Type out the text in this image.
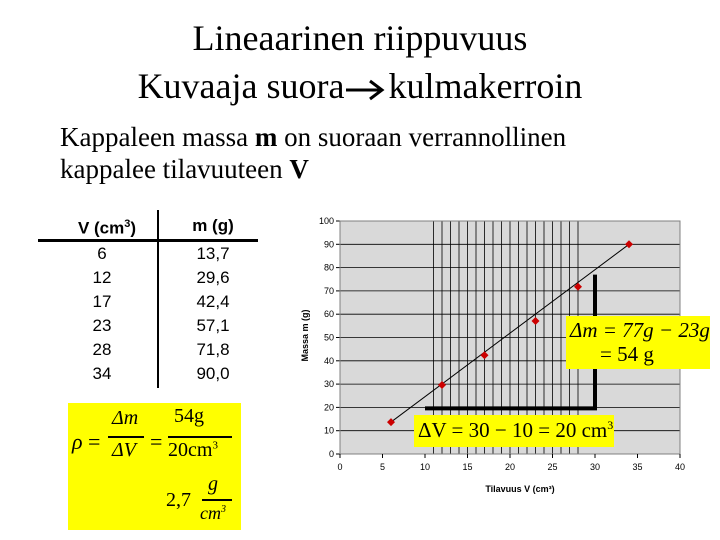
Lineaarinen riippuvuus
Kuvaaja suora kulmakerroin
Kappaleen massa m on suoraan verrannollinen
kappalee tilavuuteen V
V $(cm^3)$	m (g)
6	13,7
12	29,6
17	42,4
23	57,1
28	71,8
34	90,0
ρ =
Δm
ΔV =
54g
$20cm^3$
2,7
g
$cm^3$
0
10
20
30
40
50
60
70
80
90
100
0	5	10	15	20	25	30	35	40
Tilavuus V (cm³)
Massa m (g)	Δm = 77g − 23g
= 54 g
ΔV = 30 − 10 = 20 $cm^3$
